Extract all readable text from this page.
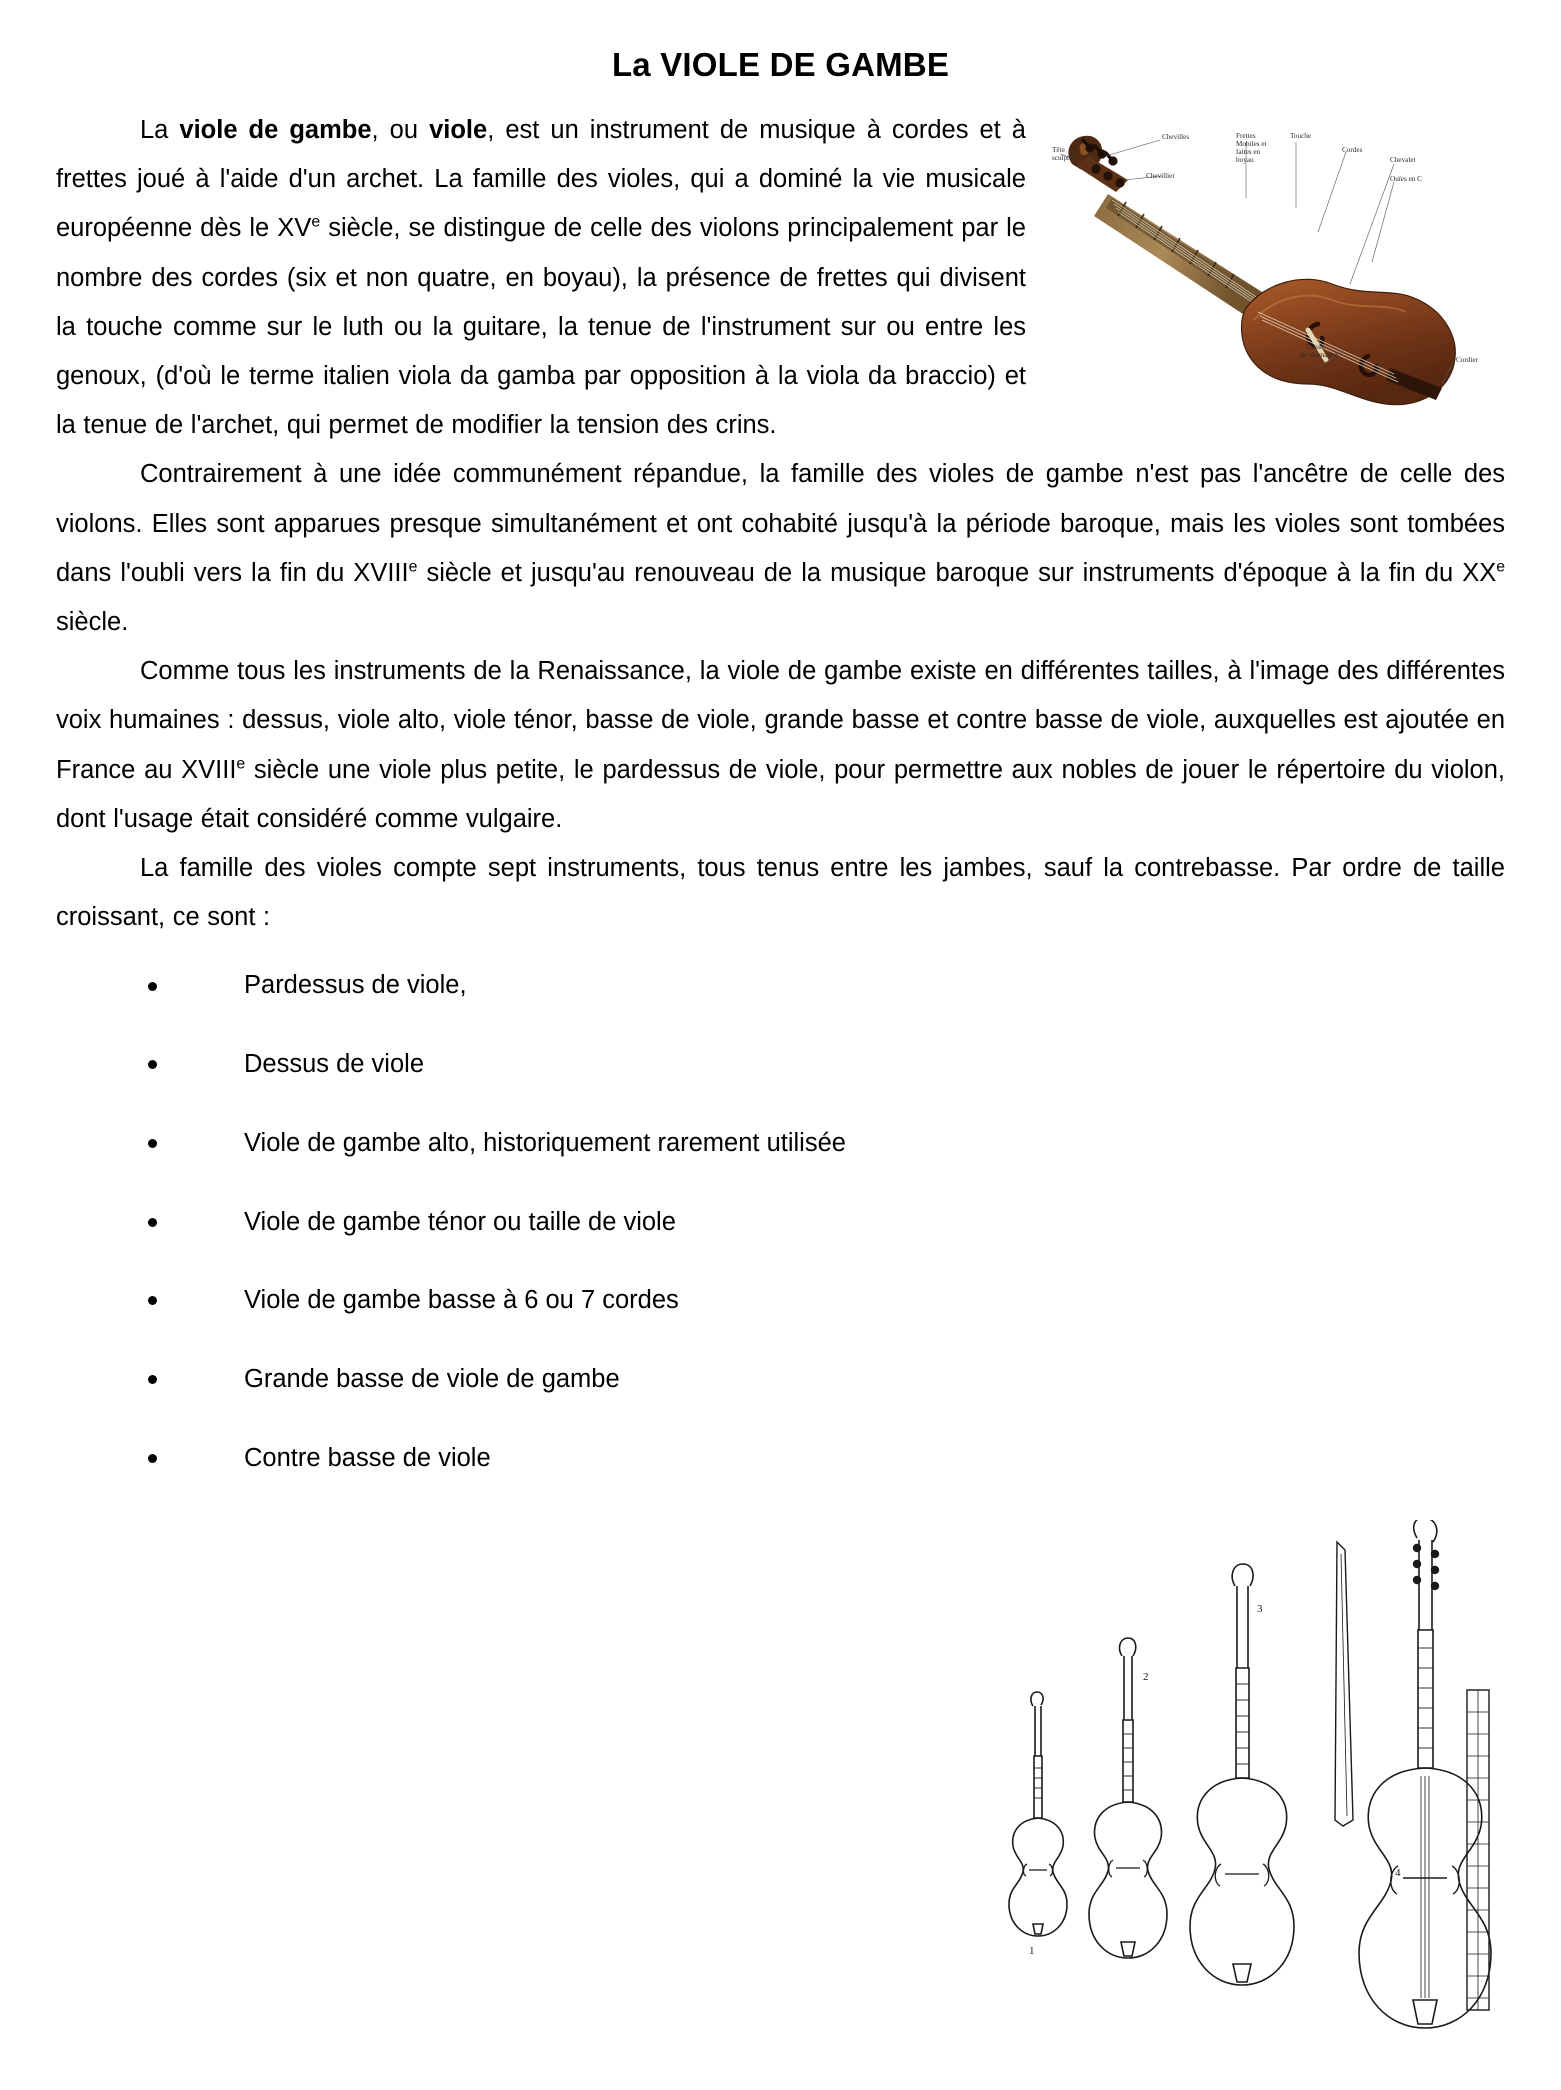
La VIOLE DE GAMBE
Chevilles	Frettes
Mobiles et
faites en
boyau
Touche
Cordes
Chevalet
Ouïes en C
Tête
sculptée
Chevillier
Caisse
de résonance
Cordier

La viole de gambe, ou viole, est un instrument de musique à cordes et à frettes joué à l'aide d'un archet. La famille des violes, qui a dominé la vie musicale européenne dès le XVe siècle, se distingue de celle des violons principalement par le nombre des cordes (six et non quatre, en boyau), la présence de frettes qui divisent la touche comme sur le luth ou la guitare, la tenue de l'instrument sur ou entre les genoux, (d'où le terme italien viola da gamba par opposition à la viola da braccio) et la tenue de l'archet, qui permet de modifier la tension des crins.

Contrairement à une idée communément répandue, la famille des violes de gambe n'est pas l'ancêtre de celle des violons. Elles sont apparues presque simultanément et ont cohabité jusqu'à la période baroque, mais les violes sont tombées dans l'oubli vers la fin du XVIIIe siècle et jusqu'au renouveau de la musique baroque sur instruments d'époque à la fin du XXe siècle.

Comme tous les instruments de la Renaissance, la viole de gambe existe en différentes tailles, à l'image des différentes voix humaines : dessus, viole alto, viole ténor, basse de viole, grande basse et contre basse de viole, auxquelles est ajoutée en France au XVIIIe siècle une viole plus petite, le pardessus de viole, pour permettre aux nobles de jouer le répertoire du violon, dont l'usage était considéré comme vulgaire.

La famille des violes compte sept instruments, tous tenus entre les jambes, sauf la contrebasse. Par ordre de taille croissant, ce sont :

Pardessus de viole,
Dessus de viole
Viole de gambe alto, historiquement rarement utilisée
Viole de gambe ténor ou taille de viole
Viole de gambe basse à 6 ou 7 cordes
Grande basse de viole de gambe
Contre basse de viole
1
2
3
4
